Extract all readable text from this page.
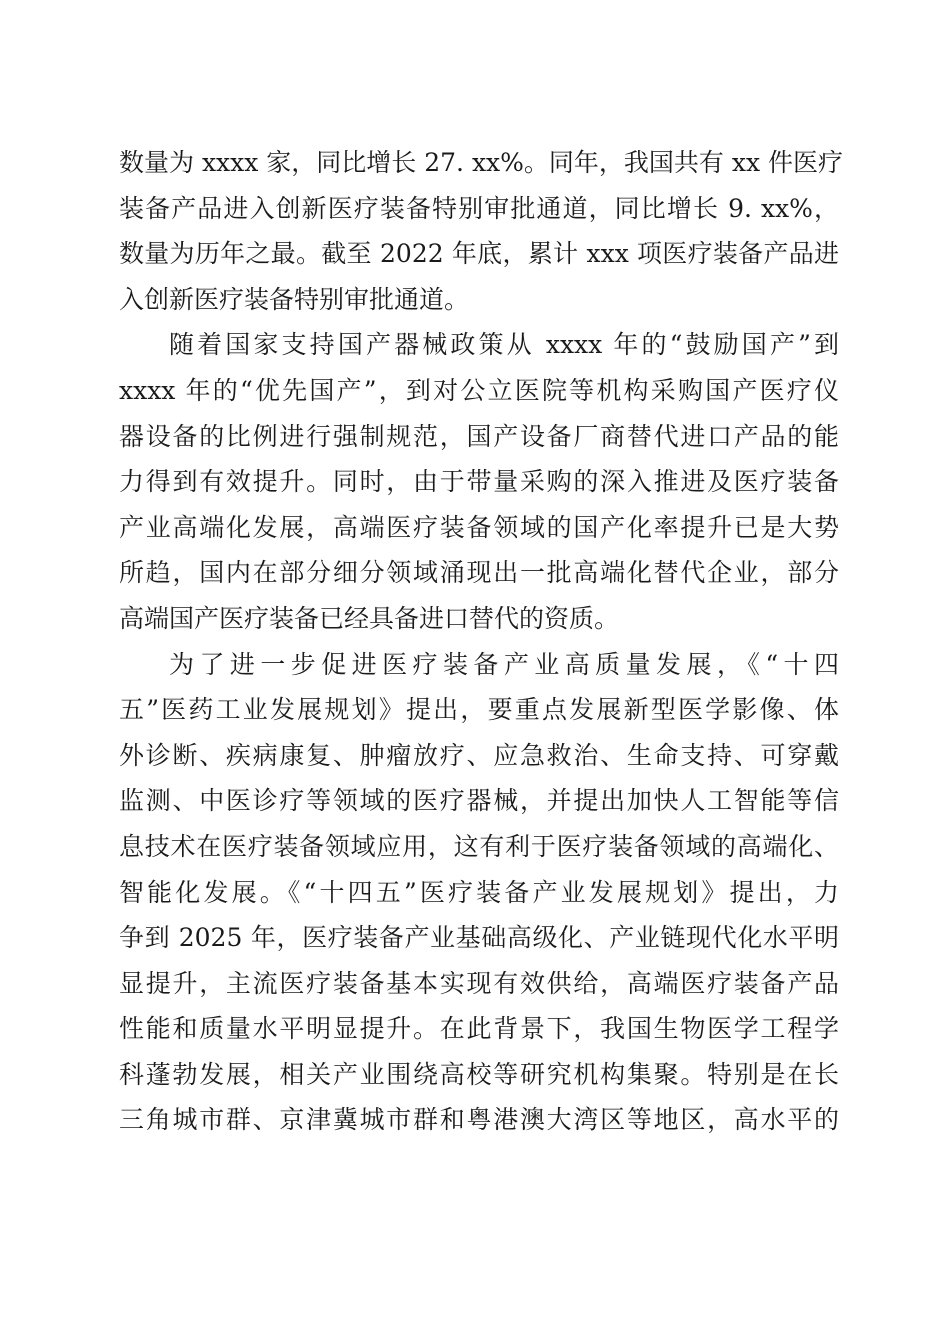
数量为 xxxx 家，同比增长 27. xx%。同年，我国共有 xx 件医疗
装备产品进入创新医疗装备特别审批通道，同比增长 9. xx%，
数量为历年之最。截至 2022 年底，累计 xxx 项医疗装备产品进
入创新医疗装备特别审批通道。
随着国家支持国产器械政策从 xxxx 年的“鼓励国产”到
xxxx 年的“优先国产”，到对公立医院等机构采购国产医疗仪
器设备的比例进行强制规范，国产设备厂商替代进口产品的能
力得到有效提升。同时，由于带量采购的深入推进及医疗装备
产业高端化发展，高端医疗装备领域的国产化率提升已是大势
所趋，国内在部分细分领域涌现出一批高端化替代企业，部分
高端国产医疗装备已经具备进口替代的资质。
为了进一步促进医疗装备产业高质量发展，《“十四
五”医药工业发展规划》提出，要重点发展新型医学影像、体
外诊断、疾病康复、肿瘤放疗、应急救治、生命支持、可穿戴
监测、中医诊疗等领域的医疗器械，并提出加快人工智能等信
息技术在医疗装备领域应用，这有利于医疗装备领域的高端化、
智能化发展。《“十四五”医疗装备产业发展规划》提出，力
争到 2025 年，医疗装备产业基础高级化、产业链现代化水平明
显提升，主流医疗装备基本实现有效供给，高端医疗装备产品
性能和质量水平明显提升。在此背景下，我国生物医学工程学
科蓬勃发展，相关产业围绕高校等研究机构集聚。特别是在长
三角城市群、京津冀城市群和粤港澳大湾区等地区，高水平的
